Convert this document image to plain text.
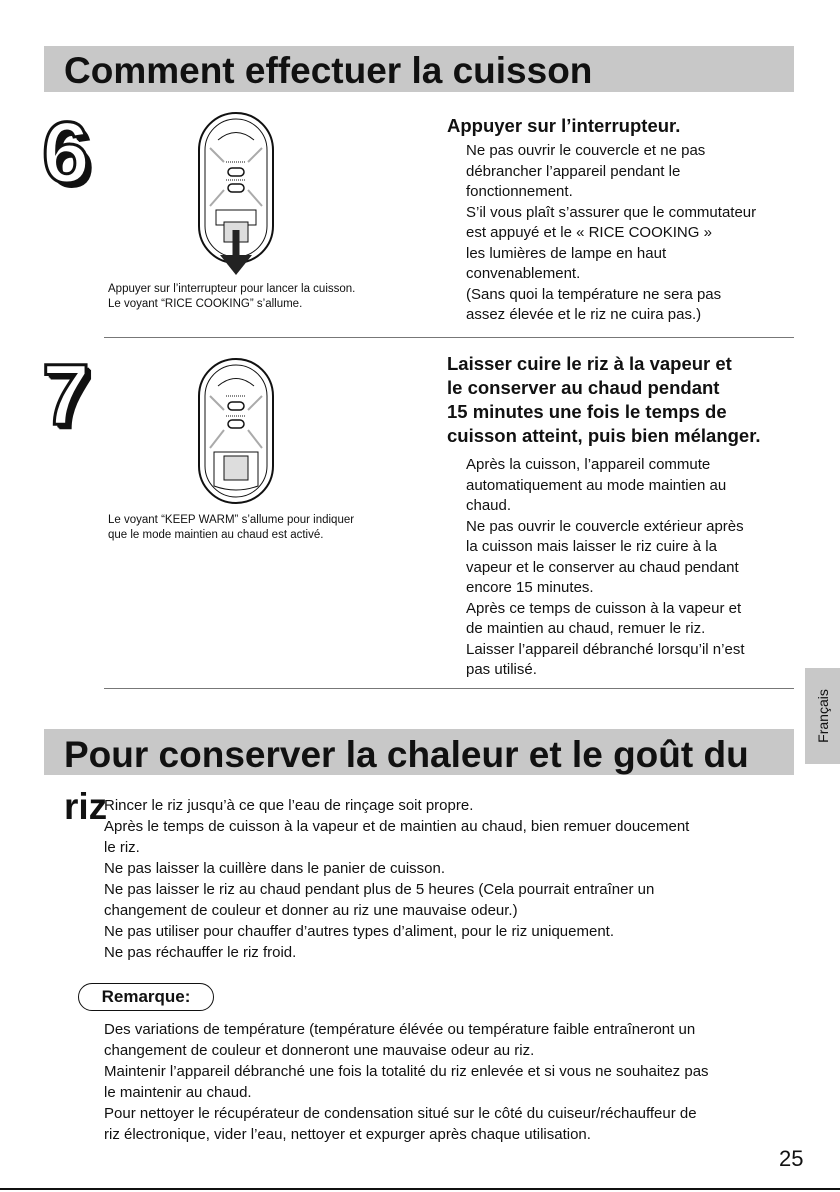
Comment effectuer la cuisson
6
Appuyer sur l’interrupteur pour lancer la cuisson.
Le voyant “RICE COOKING” s’allume.
Appuyer sur l’interrupteur.
Ne pas ouvrir le couvercle et ne pas
débrancher l’appareil pendant le
fonctionnement.
S’il vous plaît s’assurer que le commutateur
est appuyé et le « RICE COOKING »
les lumières de lampe en haut
convenablement.
(Sans quoi la température ne sera pas
assez élevée et le riz ne cuira pas.)
7
Le voyant “KEEP WARM” s’allume pour indiquer
que le mode maintien au chaud est activé.
Laisser cuire le riz à la vapeur et
le conserver au chaud pendant
15 minutes une fois le temps de
cuisson atteint, puis bien mélanger.
Après la cuisson, l’appareil commute
automatiquement au mode maintien au
chaud.
Ne pas ouvrir le couvercle extérieur après
la cuisson mais laisser le riz cuire à la
vapeur et le conserver au chaud pendant
encore 15 minutes.
Après ce temps de cuisson à la vapeur et
de maintien au chaud, remuer le riz.
Laisser l’appareil débranché lorsqu’il n’est
pas utilisé.
Français
Pour conserver la chaleur et le goût du riz
Rincer le riz jusqu’à ce que l’eau de rinçage soit propre.
Après le temps de cuisson à la vapeur et de maintien au chaud, bien remuer doucement
le riz.
Ne pas laisser la cuillère dans le panier de cuisson.
Ne pas laisser le riz au chaud pendant plus de 5 heures (Cela pourrait entraîner un
changement de couleur et donner au riz une mauvaise odeur.)
Ne pas utiliser pour chauffer d’autres types d’aliment, pour le riz uniquement.
Ne pas réchauffer le riz froid.
Remarque:
Des variations de température (température élévée ou température faible entraîneront un
changement de couleur et donneront une mauvaise odeur au riz.
Maintenir l’appareil débranché une fois la totalité du riz enlevée et si vous ne souhaitez pas
le maintenir au chaud.
Pour nettoyer le récupérateur de condensation situé sur le côté du cuiseur/réchauffeur de
riz électronique, vider l’eau, nettoyer et expurger après chaque utilisation.
25
